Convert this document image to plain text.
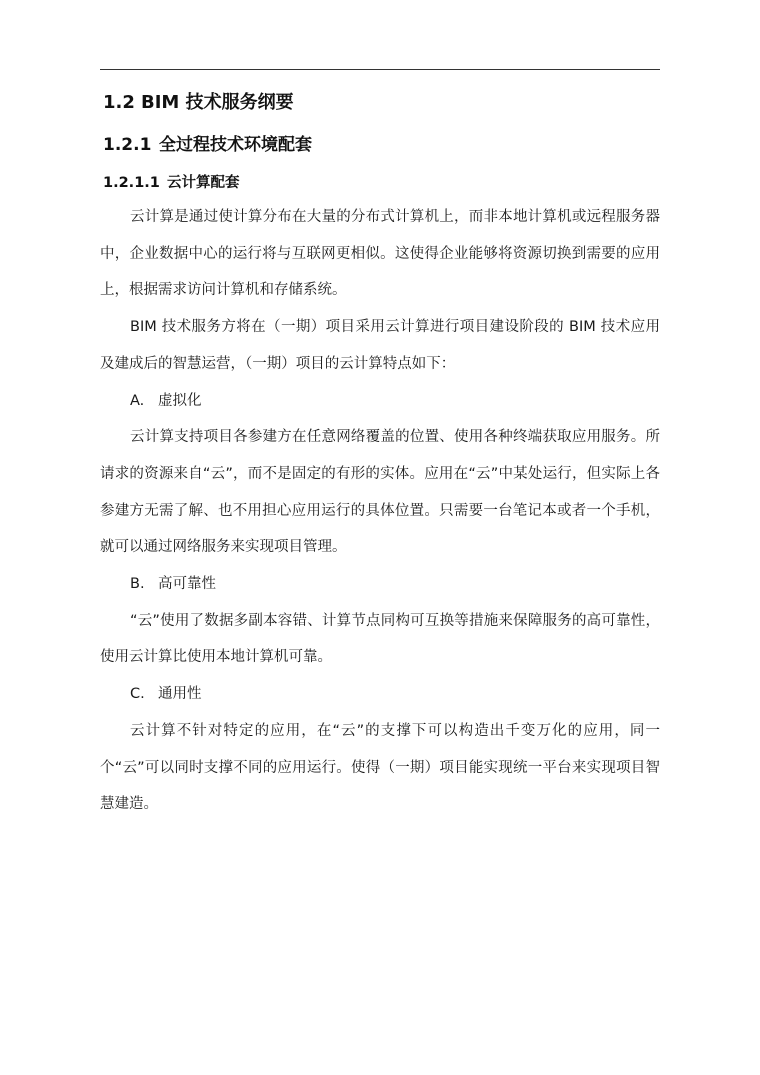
1.2 BIM 技术服务纲要
1.2.1 全过程技术环境配套
1.2.1.1 云计算配套

云计算是通过使计算分布在大量的分布式计算机上，而非本地计算机或远程服务器中，企业数据中心的运行将与互联网更相似。这使得企业能够将资源切换到需要的应用上，根据需求访问计算机和存储系统。

BIM 技术服务方将在（一期）项目采用云计算进行项目建设阶段的 BIM 技术应用及建成后的智慧运营，（一期）项目的云计算特点如下：

A. 虚拟化

云计算支持项目各参建方在任意网络覆盖的位置、使用各种终端获取应用服务。所请求的资源来自“云”，而不是固定的有形的实体。应用在“云”中某处运行，但实际上各参建方无需了解、也不用担心应用运行的具体位置。只需要一台笔记本或者一个手机，就可以通过网络服务来实现项目管理。

B. 高可靠性

“云”使用了数据多副本容错、计算节点同构可互换等措施来保障服务的高可靠性，使用云计算比使用本地计算机可靠。

C. 通用性

云计算不针对特定的应用，在“云”的支撑下可以构造出千变万化的应用，同一个“云”可以同时支撑不同的应用运行。使得（一期）项目能实现统一平台来实现项目智慧建造。
